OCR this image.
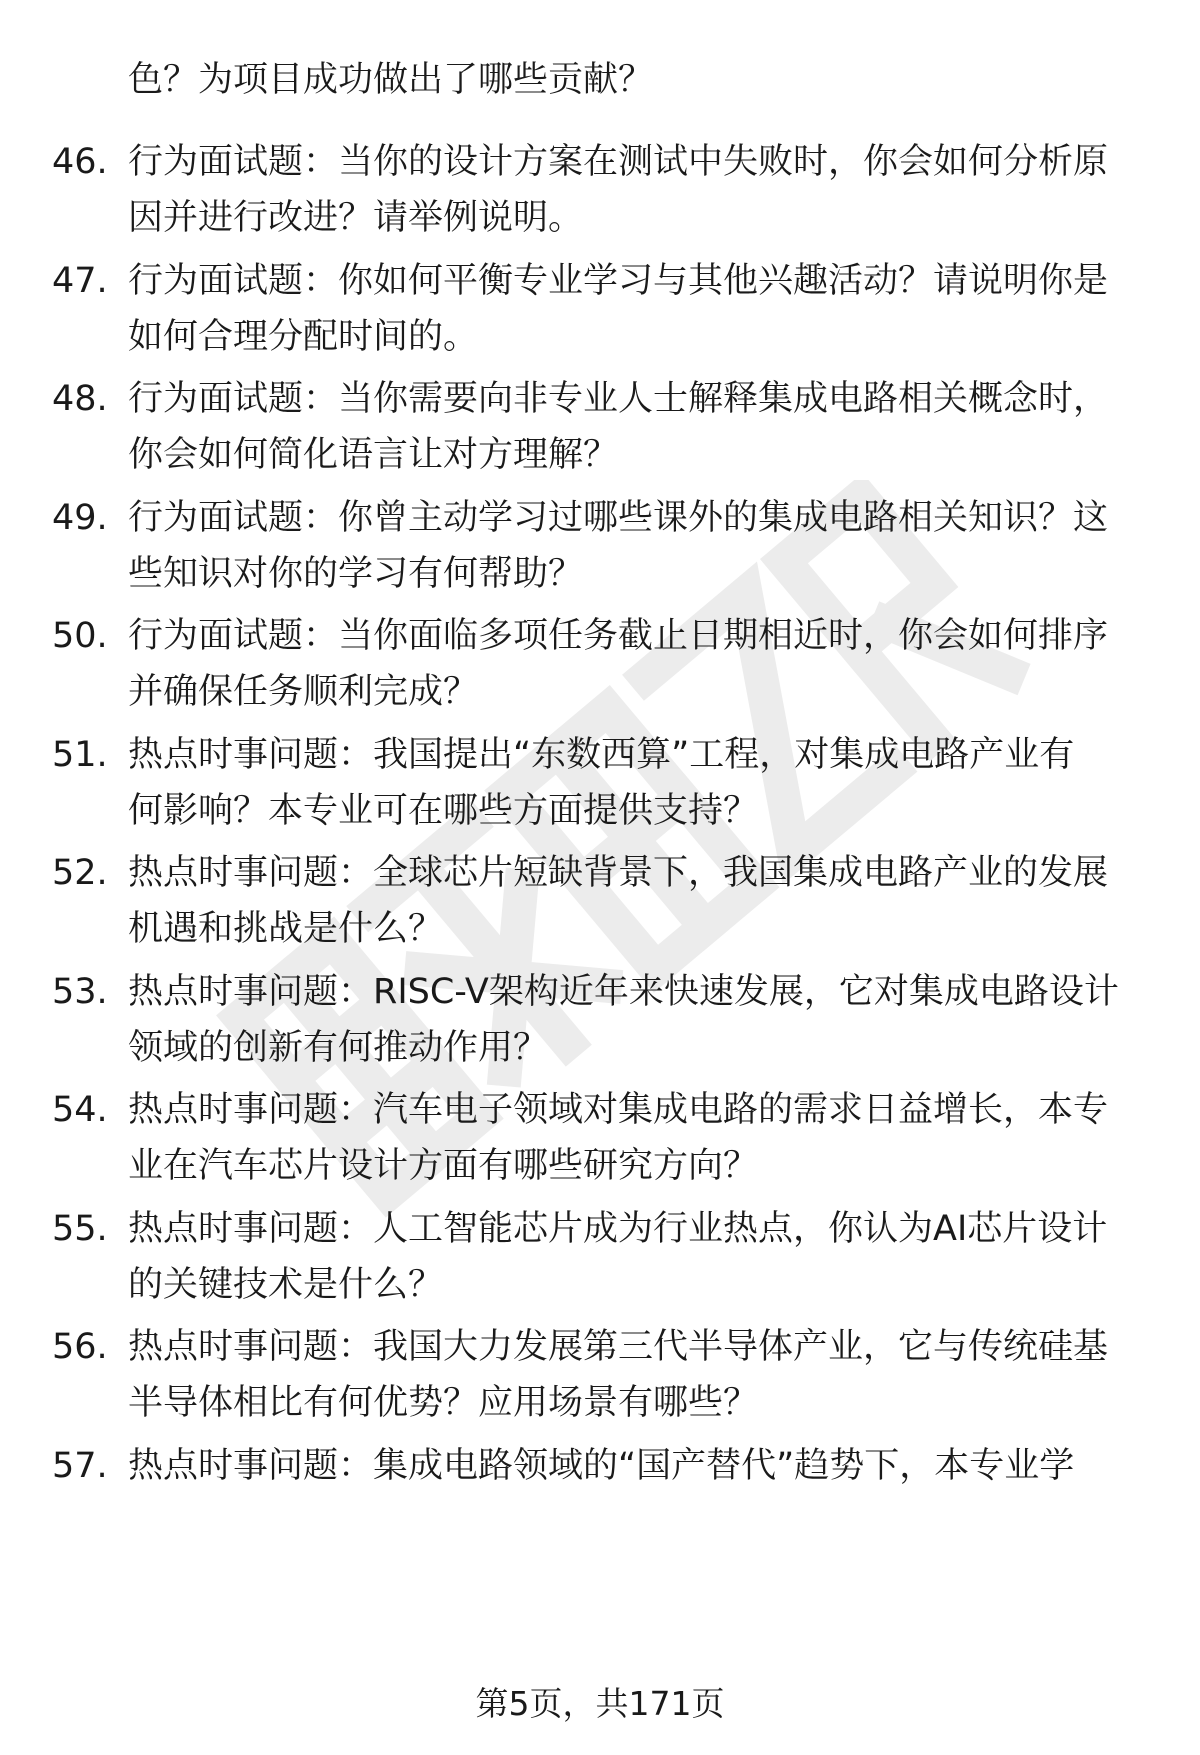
色？为项目成功做出了哪些贡献？
46. 行为面试题：当你的设计方案在测试中失败时，你会如何分析原
因并进行改进？请举例说明。
47. 行为面试题：你如何平衡专业学习与其他兴趣活动？请说明你是
如何合理分配时间的。
48. 行为面试题：当你需要向非专业人士解释集成电路相关概念时，
你会如何简化语言让对方理解？
49. 行为面试题：你曾主动学习过哪些课外的集成电路相关知识？这
些知识对你的学习有何帮助？
50. 行为面试题：当你面临多项任务截止日期相近时，你会如何排序
并确保任务顺利完成？
51. 热点时事问题：我国提出“东数西算”工程，对集成电路产业有
何影响？本专业可在哪些方面提供支持？
52. 热点时事问题：全球芯片短缺背景下，我国集成电路产业的发展
机遇和挑战是什么？
53. 热点时事问题：RISC-V架构近年来快速发展，它对集成电路设计
领域的创新有何推动作用？
54. 热点时事问题：汽车电子领域对集成电路的需求日益增长，本专
业在汽车芯片设计方面有哪些研究方向？
55. 热点时事问题：人工智能芯片成为行业热点，你认为AI芯片设计
的关键技术是什么？
56. 热点时事问题：我国大力发展第三代半导体产业，它与传统硅基
半导体相比有何优势？应用场景有哪些？
57. 热点时事问题：集成电路领域的“国产替代”趋势下，本专业学
第5页，共171页
